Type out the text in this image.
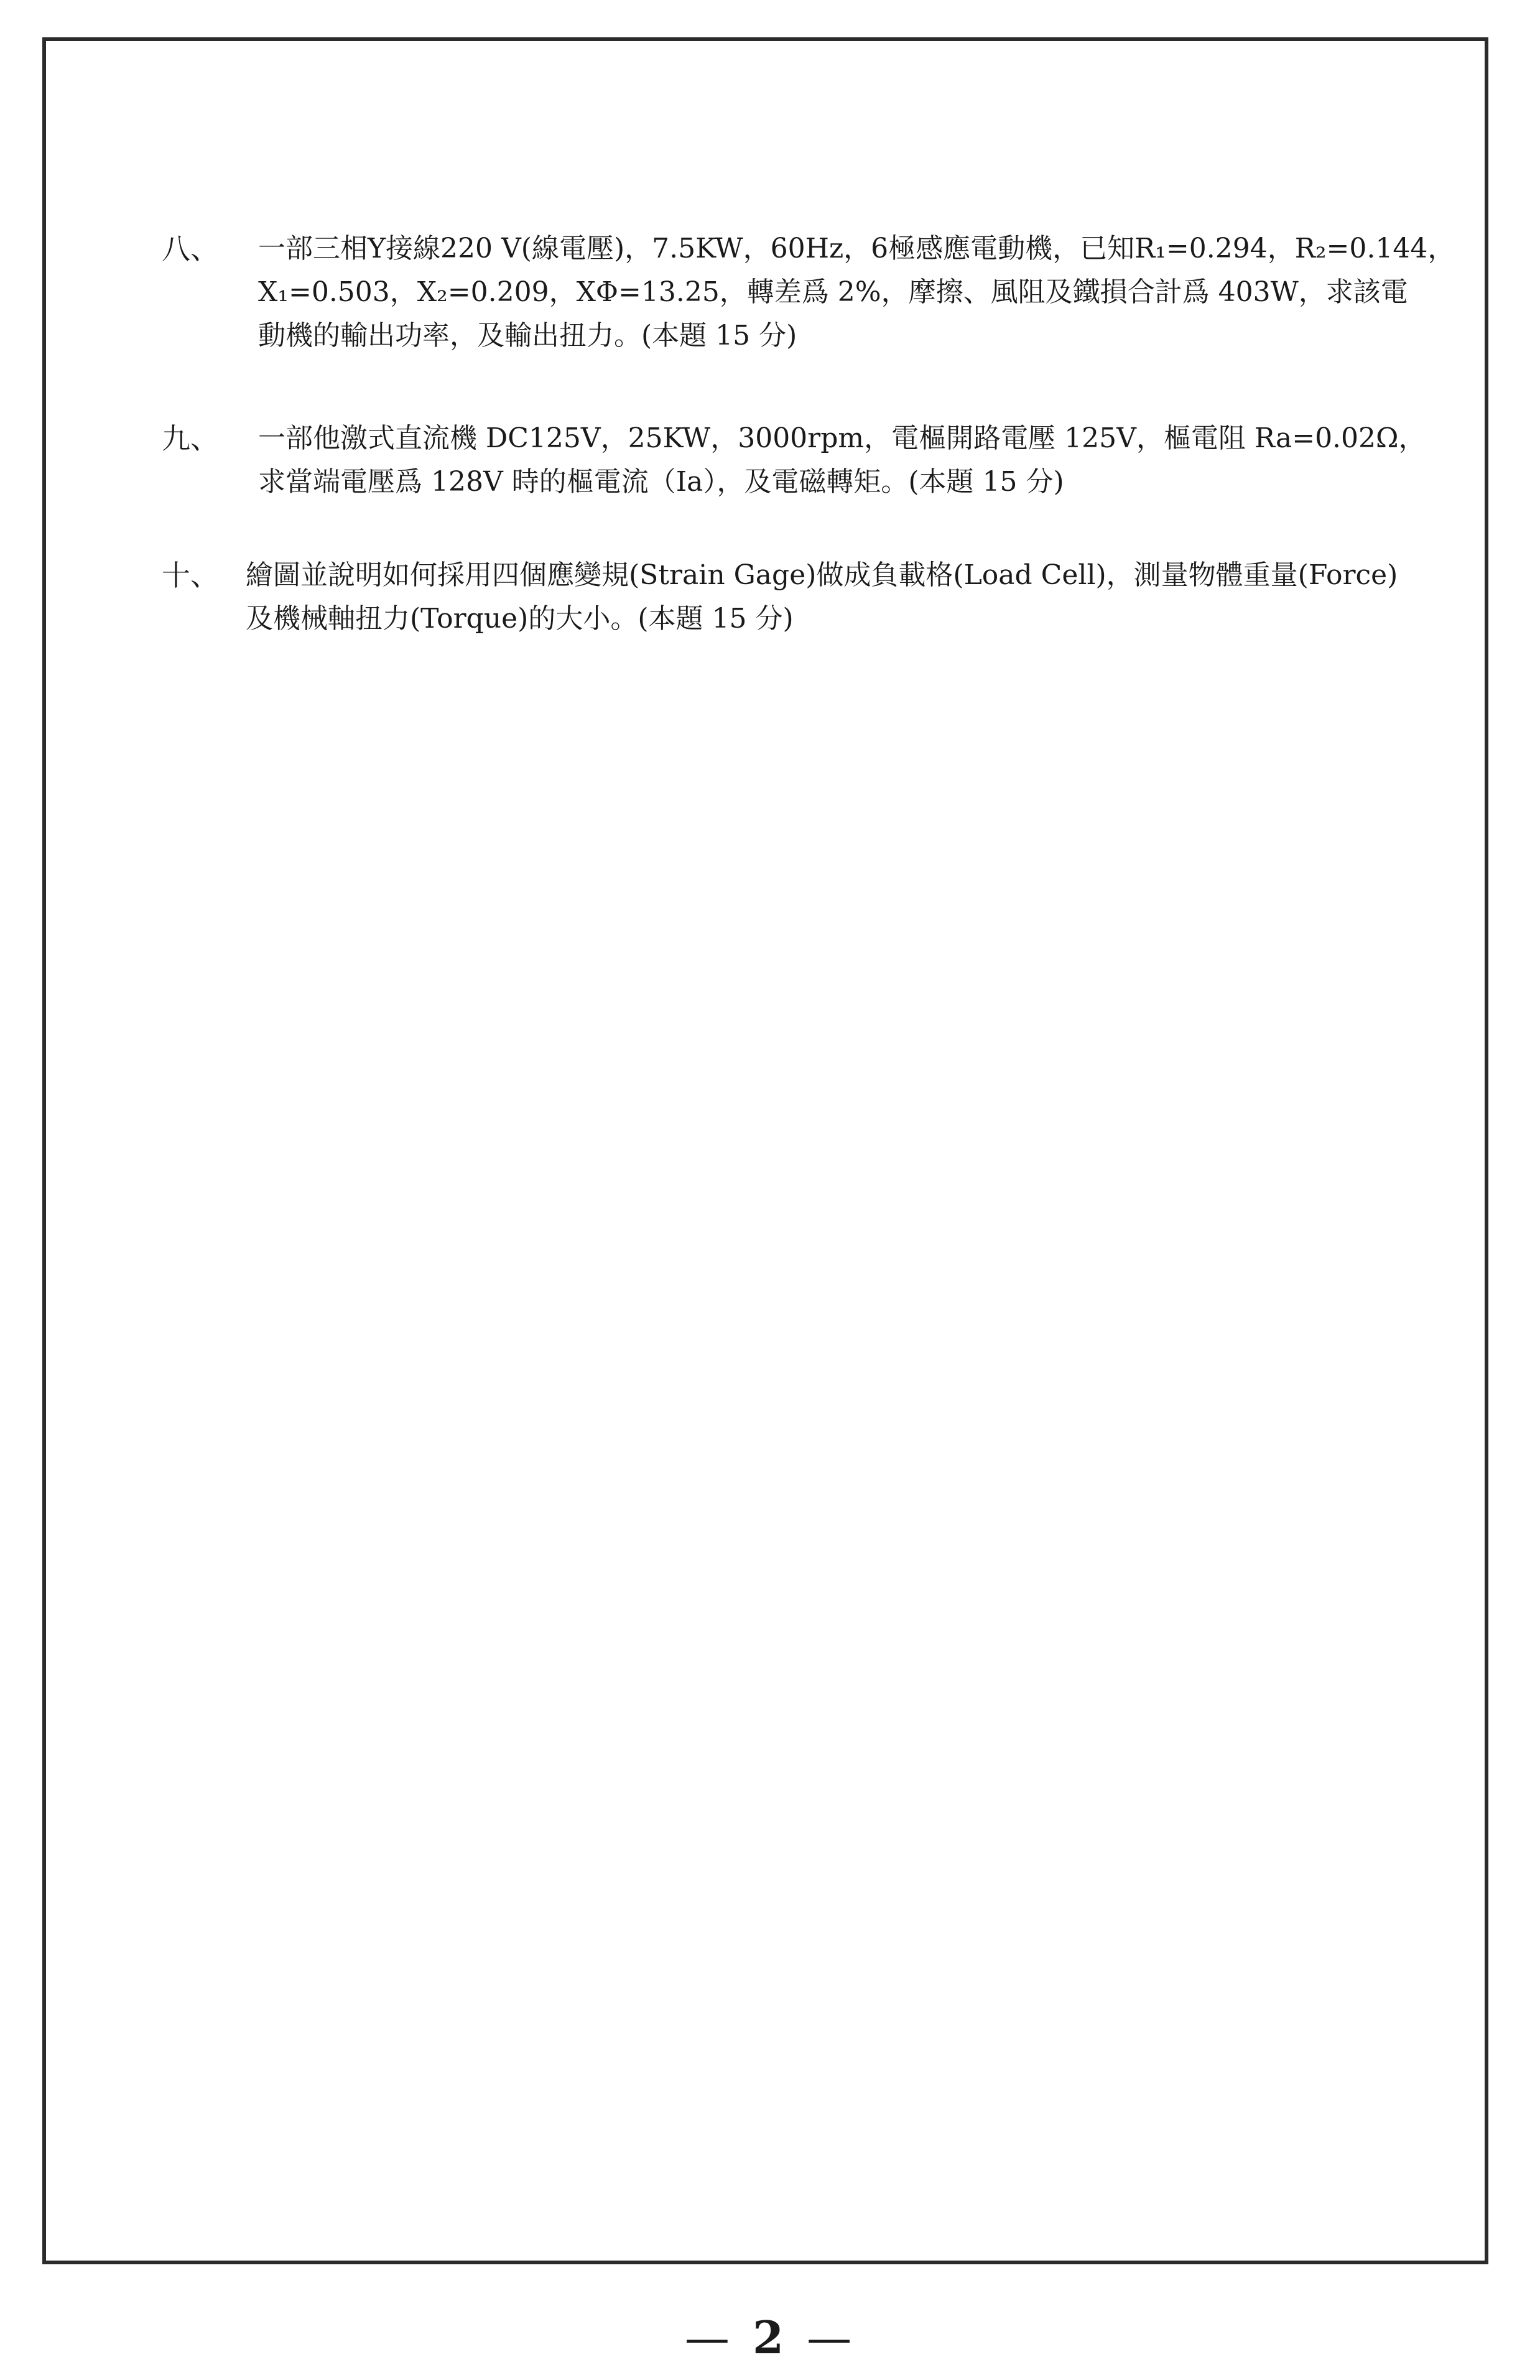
八、	一部三相Y接線220 V(線電壓)，7.5KW，60Hz，6極感應電動機，已知R₁=0.294，R₂=0.144，
X₁=0.503，X₂=0.209，XΦ=13.25，轉差爲 2%，摩擦、風阻及鐵損合計爲 403W，求該電
動機的輸出功率，及輸出扭力。(本題 15 分)
九、	一部他激式直流機 DC125V，25KW，3000rpm，電樞開路電壓 125V，樞電阻 Ra=0.02Ω，
求當端電壓爲 128V 時的樞電流（Ia），及電磁轉矩。(本題 15 分)
十、 繪圖並說明如何採用四個應變規(Strain Gage)做成負載格(Load Cell)，測量物體重量(Force)
及機械軸扭力(Torque)的大小。(本題 15 分)
— 2 —
